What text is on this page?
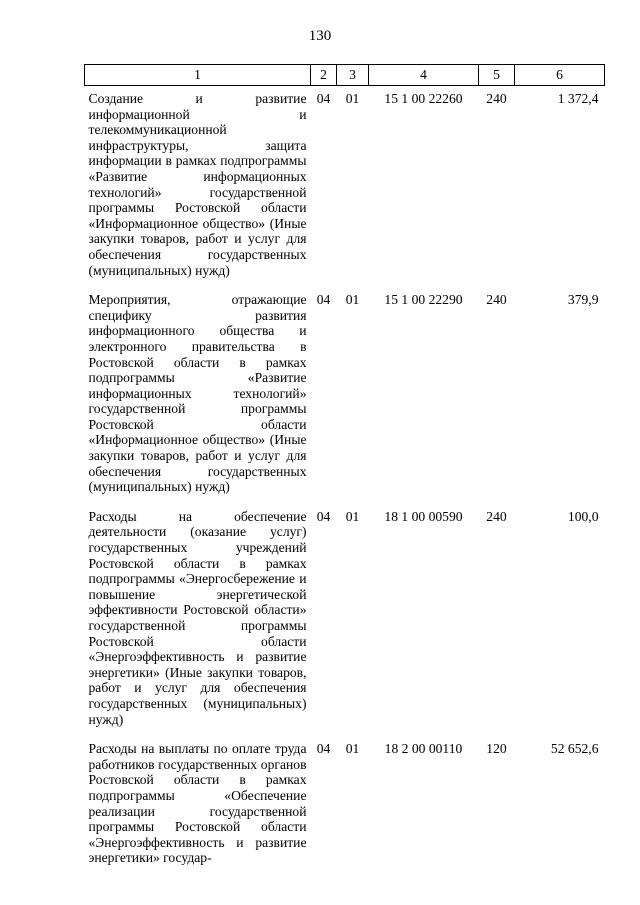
130
1	2	3	4	5	6
Создание и развитие информационной и телекоммуникационной инфраструктуры, защита информации в рамках подпрограммы «Развитие информационных технологий» государственной программы Ростовской области «Информационное общество» (Иные закупки товаров, работ и услуг для обеспечения государственных (муниципальных) нужд)	04	01	15 1 00 22260	240	1 372,4
Мероприятия, отражающие специфику развития информационного общества и электронного правительства в Ростовской области в рамках подпрограммы «Развитие информационных технологий» государственной программы Ростовской области «Информационное общество» (Иные закупки товаров, работ и услуг для обеспечения государственных (муниципальных) нужд)	04	01	15 1 00 22290	240	379,9
Расходы на обеспечение деятельности (оказание услуг) государственных учреждений Ростовской области в рамках подпрограммы «Энергосбережение и повышение энергетической эффективности Ростовской области» государственной программы Ростовской области «Энергоэффективность и развитие энергетики» (Иные закупки товаров, работ и услуг для обеспечения государственных (муниципальных) нужд)	04	01	18 1 00 00590	240	100,0
Расходы на выплаты по оплате труда работников государственных органов Ростовской области в рамках подпрограммы «Обеспечение реализации государственной программы Ростовской области «Энергоэффективность и развитие энергетики» государ-	04	01	18 2 00 00110	120	52 652,6
